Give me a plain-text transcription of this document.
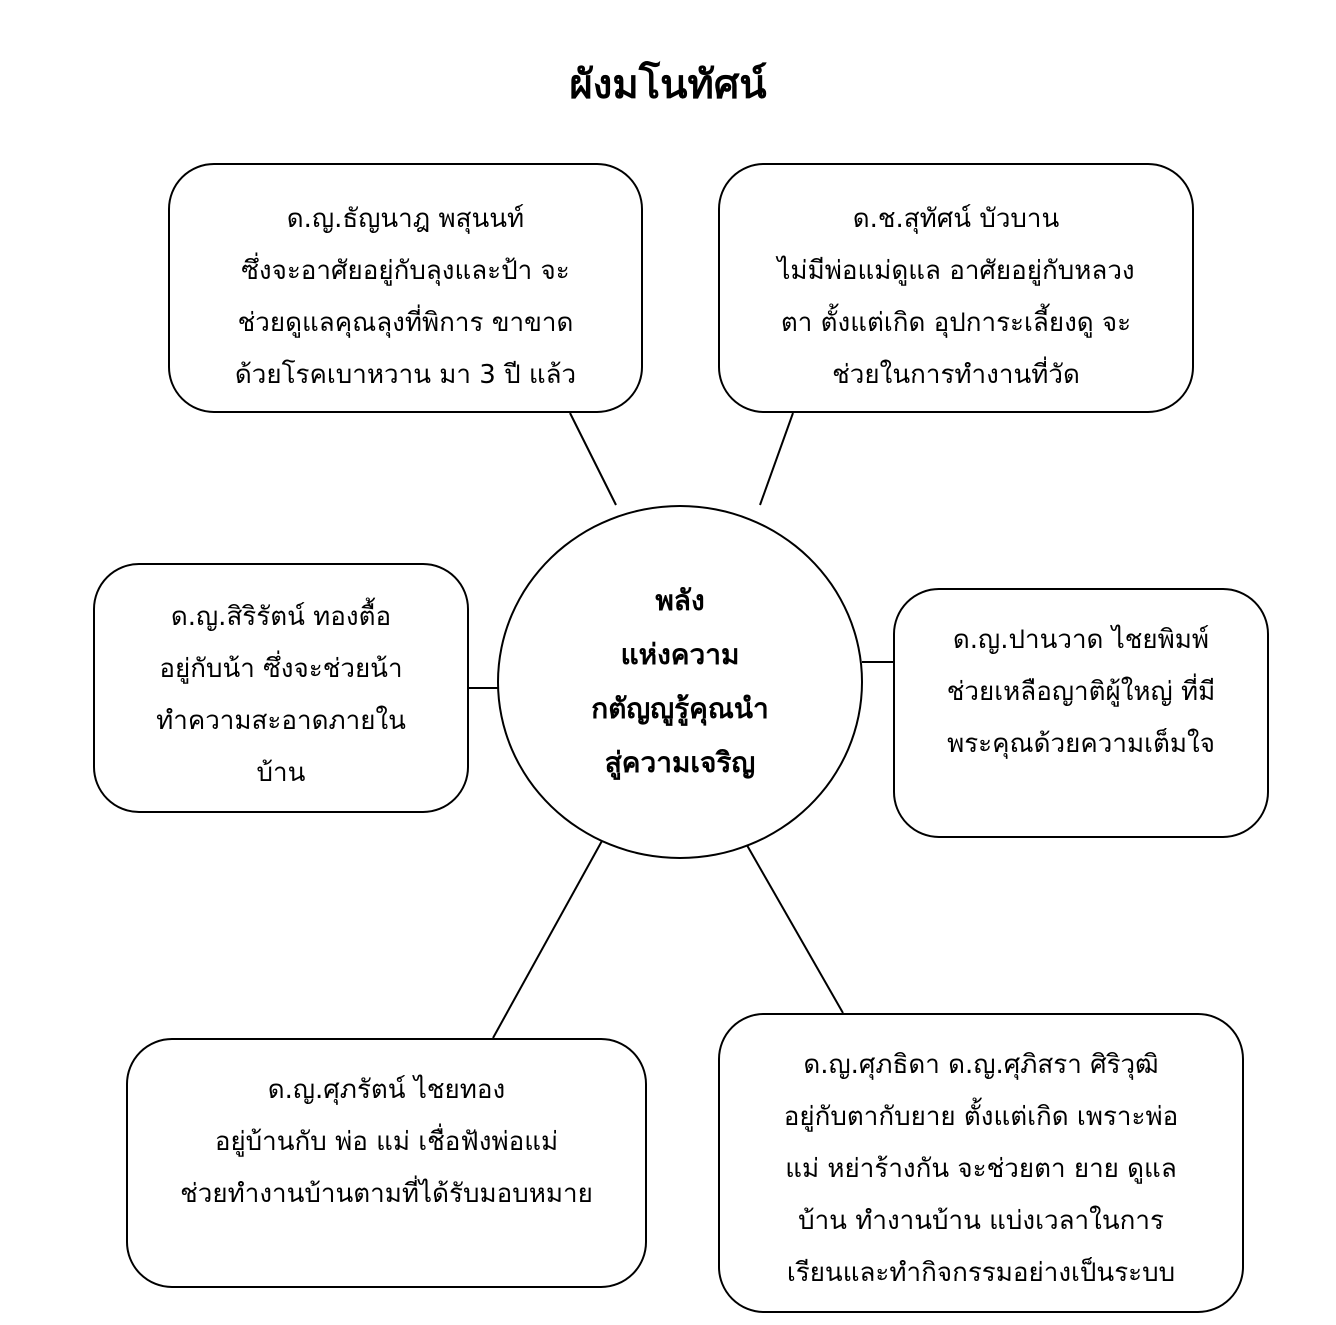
ผังมโนทัศน์
พลัง
แห่งความ
กตัญญูรู้คุณนำ
สู่ความเจริญ
ด.ญ.ธัญนาฎ พสุนนท์
ซึ่งจะอาศัยอยู่กับลุงและป้า จะ
ช่วยดูแลคุณลุงที่พิการ ขาขาด
ด้วยโรคเบาหวาน มา 3 ปี แล้ว
ด.ช.สุทัศน์ บัวบาน
ไม่มีพ่อแม่ดูแล อาศัยอยู่กับหลวง
ตา ตั้งแต่เกิด อุปการะเลี้ยงดู จะ
ช่วยในการทำงานที่วัด
ด.ญ.สิริรัตน์ ทองตื้อ
อยู่กับน้า ซึ่งจะช่วยน้า
ทำความสะอาดภายใน
บ้าน
ด.ญ.ปานวาด ไชยพิมพ์
ช่วยเหลือญาติผู้ใหญ่ ที่มี
พระคุณด้วยความเต็มใจ
ด.ญ.ศุภรัตน์ ไชยทอง
อยู่บ้านกับ พ่อ แม่ เชื่อฟังพ่อแม่
ช่วยทำงานบ้านตามที่ได้รับมอบหมาย
ด.ญ.ศุภธิดา ด.ญ.ศุภิสรา ศิริวุฒิ
อยู่กับตากับยาย ตั้งแต่เกิด เพราะพ่อ
แม่ หย่าร้างกัน จะช่วยตา ยาย ดูแล
บ้าน ทำงานบ้าน แบ่งเวลาในการ
เรียนและทำกิจกรรมอย่างเป็นระบบ
